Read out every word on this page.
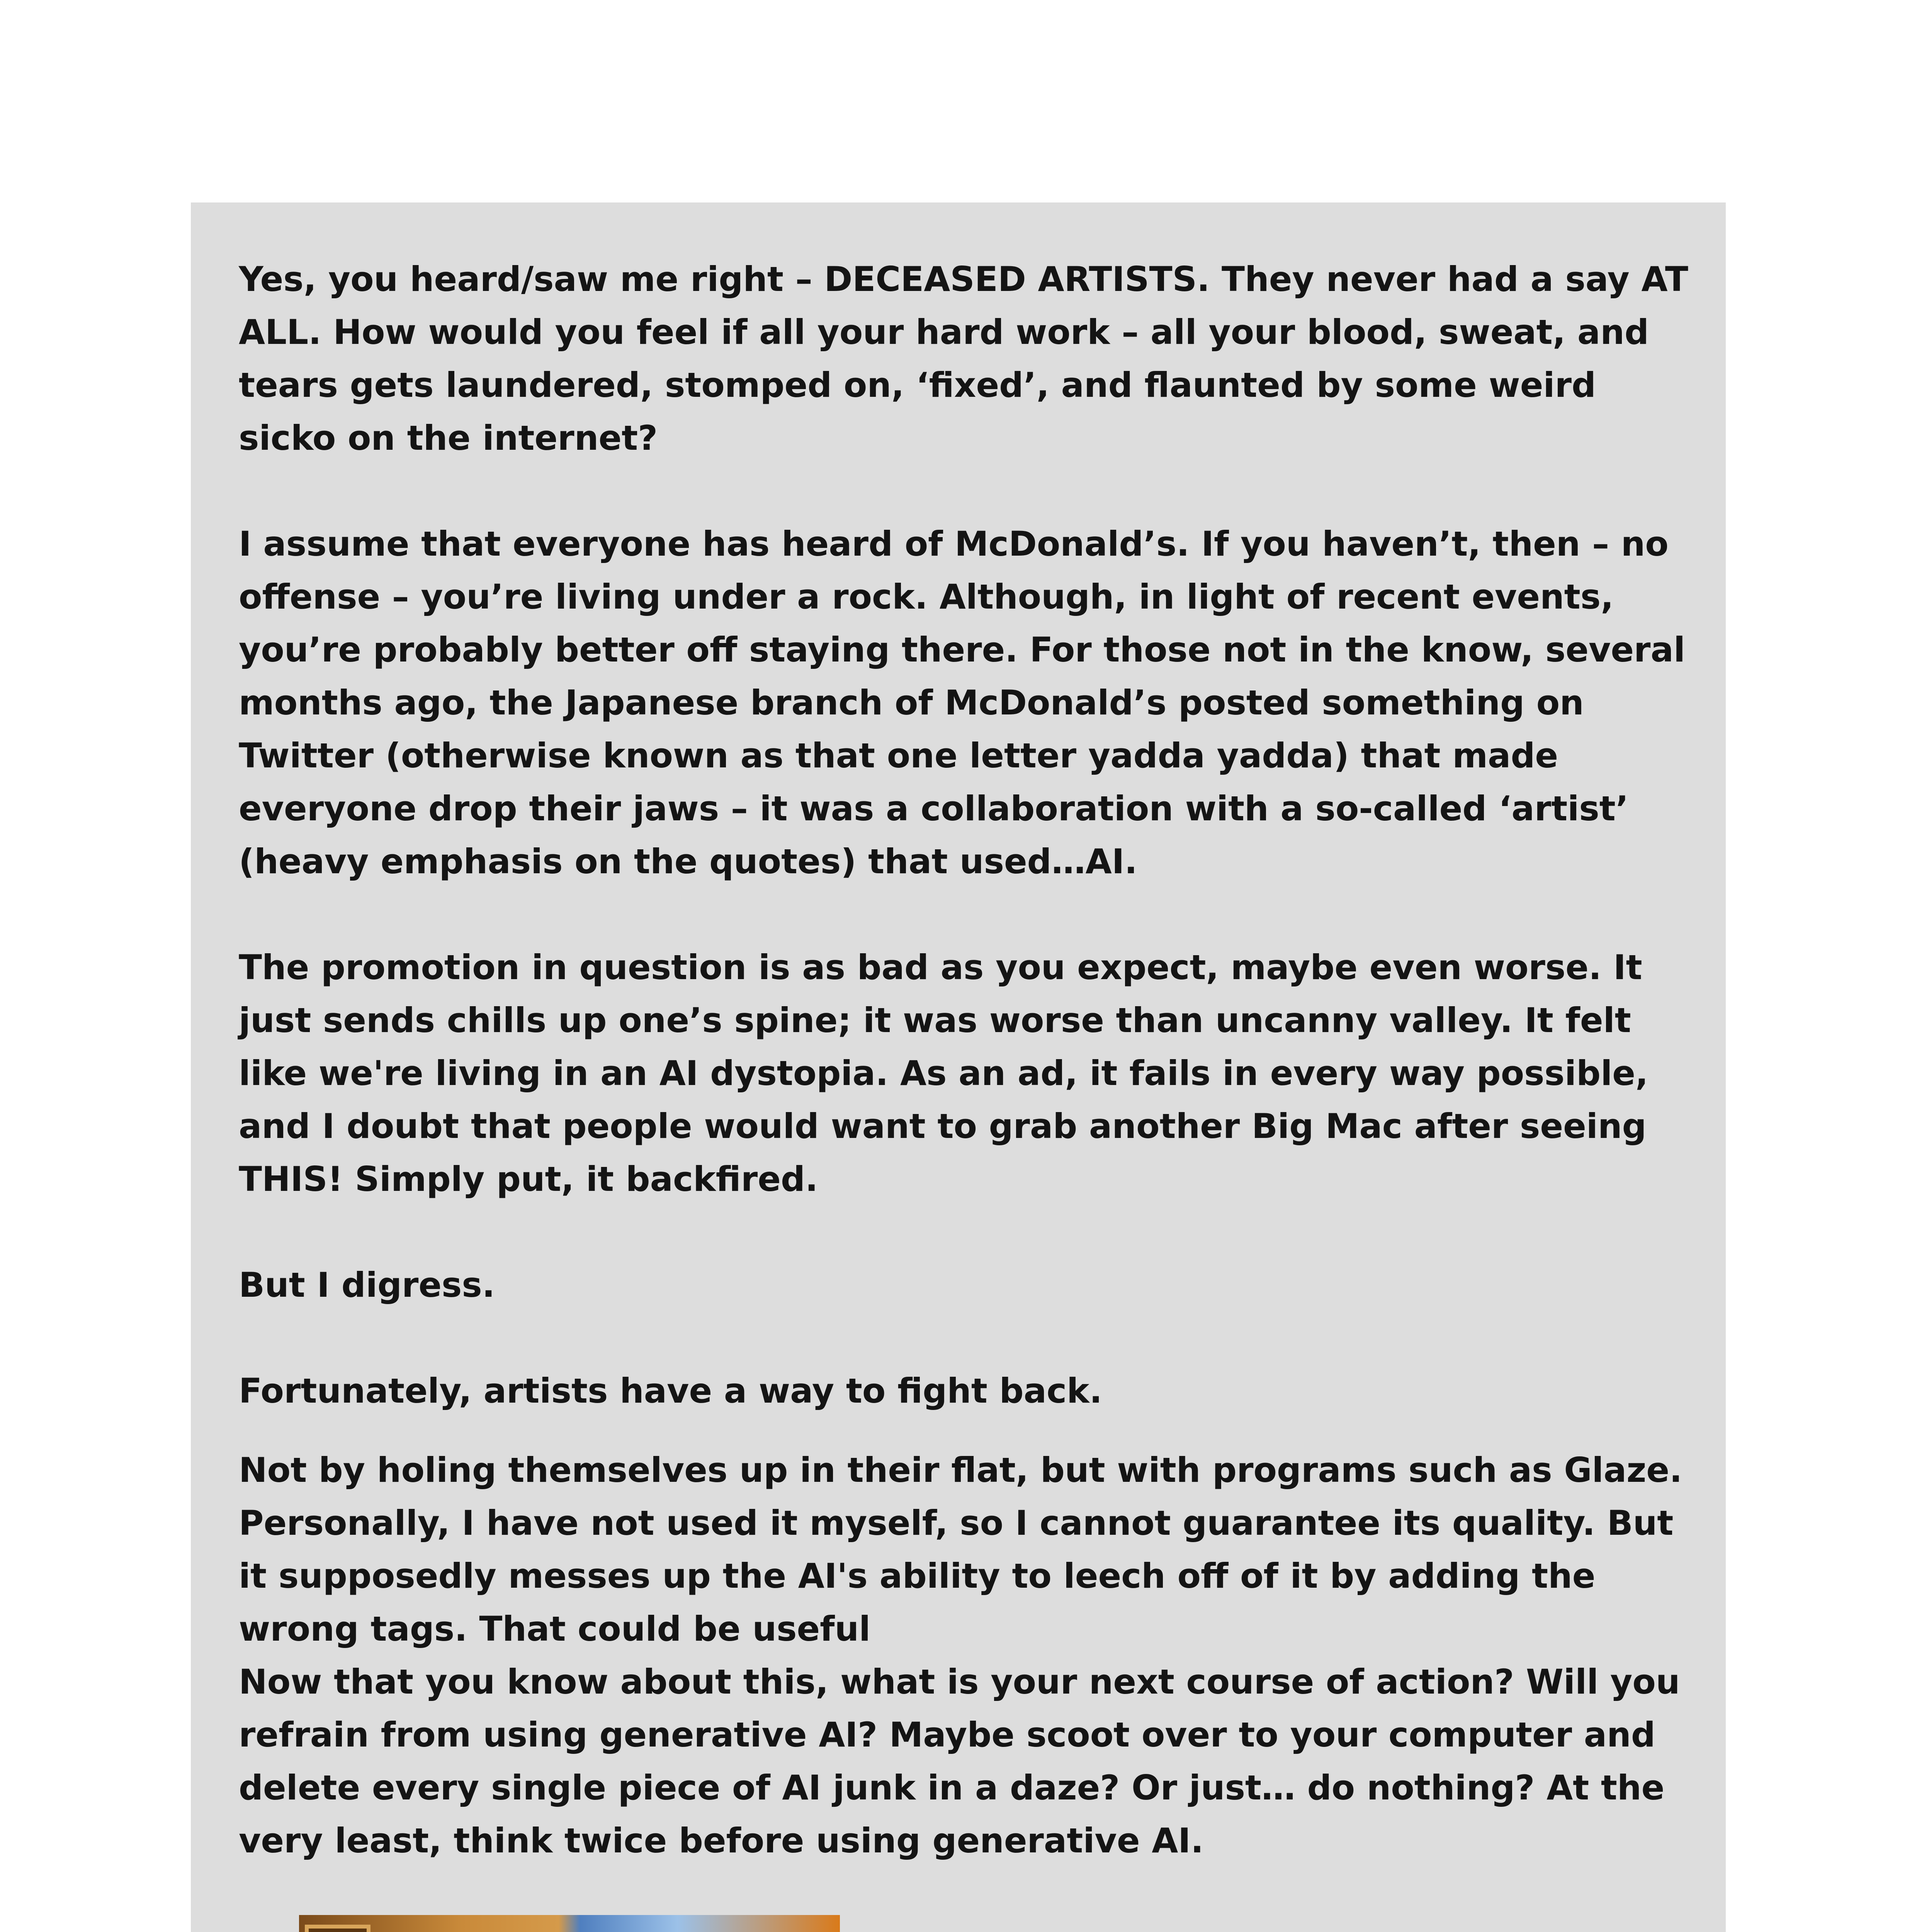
Yes, you heard/saw me right – DECEASED ARTISTS. They never had a say AT ALL. How would you feel if all your hard work – all your blood, sweat, and tears gets laundered, stomped on, ‘fixed’, and flaunted by some weird sicko on the internet?

I assume that everyone has heard of McDonald’s. If you haven’t, then – no offense – you’re living under a rock. Although, in light of recent events, you’re probably better off staying there. For those not in the know, several months ago, the Japanese branch of McDonald’s posted something on Twitter (otherwise known as that one letter yadda yadda) that made everyone drop their jaws – it was a collaboration with a so-called ‘artist’ (heavy emphasis on the quotes) that used…AI.

The promotion in question is as bad as you expect, maybe even worse. It just sends chills up one’s spine; it was worse than uncanny valley. It felt like we're living in an AI dystopia. As an ad, it fails in every way possible, and I doubt that people would want to grab another Big Mac after seeing THIS! Simply put, it backfired.

But I digress.

Fortunately, artists have a way to fight back.

Not by holing themselves up in their flat, but with programs such as Glaze. Personally, I have not used it myself, so I cannot guarantee its quality. But it supposedly messes up the AI's ability to leech off of it by adding the wrong tags. That could be useful

Now that you know about this, what is your next course of action? Will you refrain from using generative AI? Maybe scoot over to your computer and delete every single piece of AI junk in a daze? Or just… do nothing? At the very least, think twice before using generative AI.
